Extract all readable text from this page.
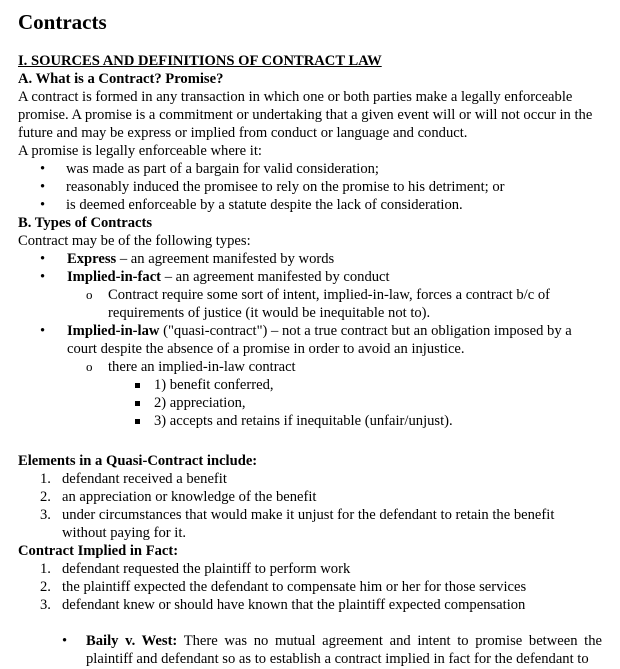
Contracts
I. SOURCES AND DEFINITIONS OF CONTRACT LAW
A. What is a Contract? Promise?

A contract is formed in any transaction in which one or both parties make a legally enforceable promise. A promise is a commitment or undertaking that a given event will or will not occur in the future and may be express or implied from conduct or language and conduct.

A promise is legally enforceable where it:

• was made as part of a bargain for valid consideration;
• reasonably induced the promisee to rely on the promise to his detriment; or
• is deemed enforceable by a statute despite the lack of consideration.
B. Types of Contracts

Contract may be of the following types:

• Express – an agreement manifested by words
• Implied-in-fact – an agreement manifested by conduct
o Contract require some sort of intent, implied-in-law, forces a contract b/c of requirements of justice (it would be inequitable not to).
• Implied-in-law ("quasi-contract") – not a true contract but an obligation imposed by a court despite the absence of a promise in order to avoid an injustice.
o there an implied-in-law contract
1) benefit conferred,
2) appreciation,
3) accepts and retains if inequitable (unfair/unjust).
Elements in a Quasi-Contract include:
1. defendant received a benefit
2. an appreciation or knowledge of the benefit
3. under circumstances that would make it unjust for the defendant to retain the benefit without paying for it.
Contract Implied in Fact:
1. defendant requested the plaintiff to perform work
2. the plaintiff expected the defendant to compensate him or her for those services
3. defendant knew or should have known that the plaintiff expected compensation
• Baily v. West: There was no mutual agreement and intent to promise between the plaintiff and defendant so as to establish a contract implied in fact for the defendant to
